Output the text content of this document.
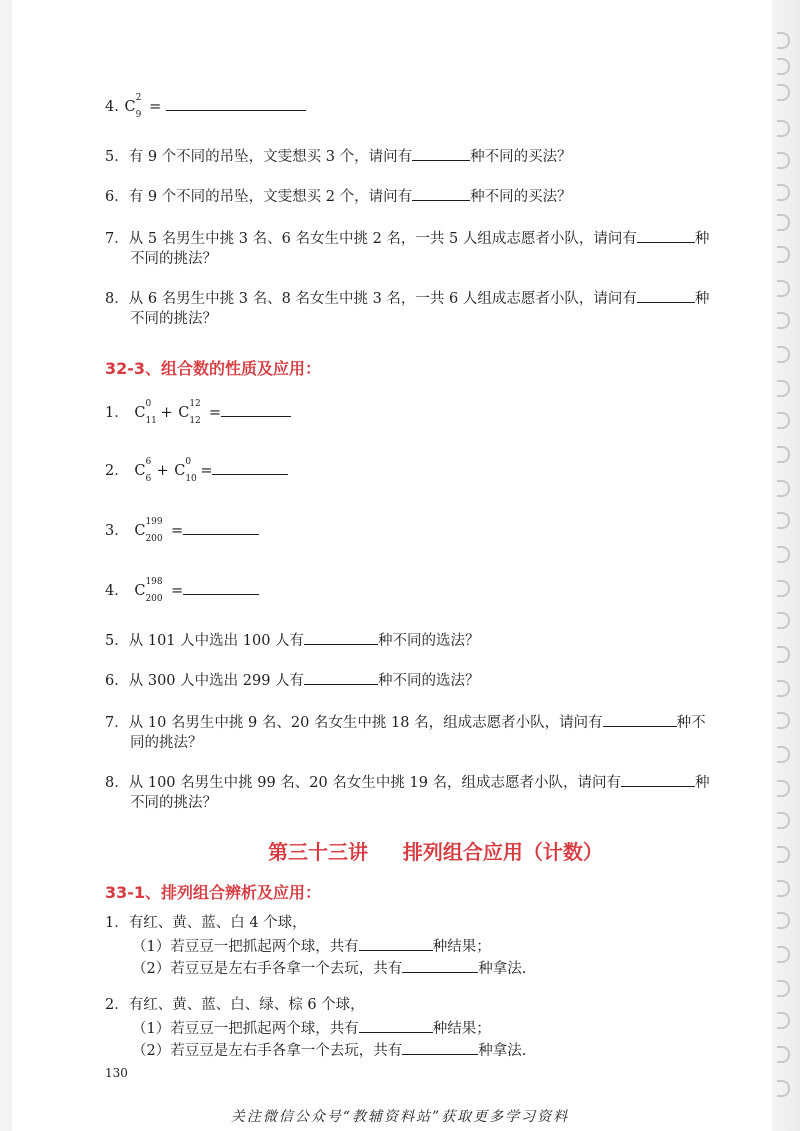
4. C
2
9 =
5．有 9 个不同的吊坠，文雯想买 3 个，请问有	种不同的买法？
6．有 9 个不同的吊坠，文雯想买 2 个，请问有	种不同的买法？
7．从 5 名男生中挑 3 名、6 名女生中挑 2 名，一共 5 人组成志愿者小队，请问有	种
不同的挑法？
8．从 6 名男生中挑 3 名、8 名女生中挑 3 名，一共 6 人组成志愿者小队，请问有	种
不同的挑法？
32-3、组合数的性质及应用：
1． C
0
11 + C
12
12 =
2． C
6
6 + C
0
10 =
3． C
199
200 =
4． C
198
200 =
5．从 101 人中选出 100 人有	种不同的选法？
6．从 300 人中选出 299 人有	种不同的选法？
7．从 10 名男生中挑 9 名、20 名女生中挑 18 名，组成志愿者小队，请问有	种不
同的挑法？
8．从 100 名男生中挑 99 名、20 名女生中挑 19 名，组成志愿者小队，请问有	种
不同的挑法？
第三十三讲     排列组合应用（计数）
33-1、排列组合辨析及应用：
1．有红、黄、蓝、白 4 个球，
（1）若豆豆一把抓起两个球，共有	种结果；
（2）若豆豆是左右手各拿一个去玩，共有	种拿法.
2．有红、黄、蓝、白、绿、棕 6 个球，
（1）若豆豆一把抓起两个球，共有	种结果；
（2）若豆豆是左右手各拿一个去玩，共有	种拿法.
130
关注微信公众号“教辅资料站”获取更多学习资料
